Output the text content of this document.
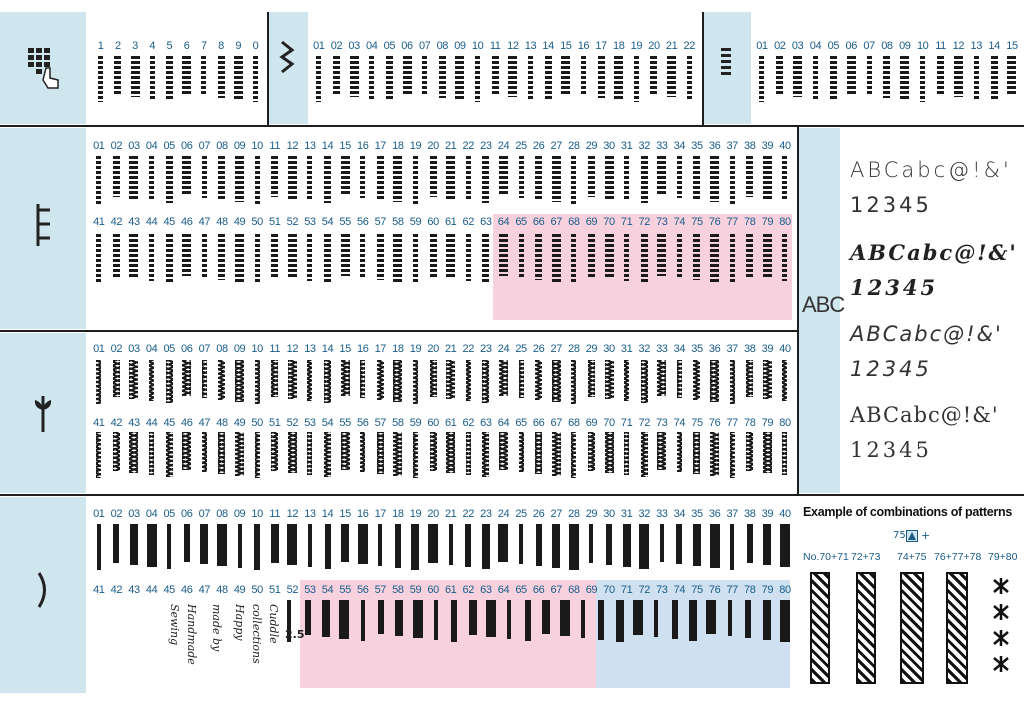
1	2	3	4	5	6	7	8	9	0	01 02 03 04 05 06 07 08 09 10 11 12 13 14 15 16 17 18 19 20 21 22	01 02 03 04 05 06 07 08 09 10 11 12 13 14 15
01 02 03 04 05 06 07 08 09 10 11 12 13 14 15 16 17 18 19 20 21 22 23 24 25 26 27 28 29 30 31 32 33 34 35 36 37 38 39 40
41 42 43 44 45 46 47 48 49 50 51 52 53 54 55 56 57 58 59 60 61 62 63 64 65 66 67 68 69 70 71 72 73 74 75 76 77 78 79 80
01 02 03 04 05 06 07 08 09 10 11 12 13 14 15 16 17 18 19 20 21 22 23 24 25 26 27 28 29 30 31 32 33 34 35 36 37 38 39 40
41 42 43 44 45 46 47 48 49 50 51 52 53 54 55 56 57 58 59 60 61 62 63 64 65 66 67 68 69 70 71 72 73 74 75 76 77 78 79 80
01 02 03 04 05 06 07 08 09 10 11 12 13 14 15 16 17 18 19 20 21 22 23 24 25 26 27 28 29 30 31 32 33 34 35 36 37 38 39 40
41 42 43 44 45 46 47 48 49 50 51 52 53 54 55 56 57 58 59 60 61 62 63 64 65 66 67 68 69 70 71 72 73 74 75 76 77 78 79 80
Sewing Handmade made by Happy collections Cuddle 2.5
ABC
ABCabc@!&'
12345
ABCabc@!&'
12345
ABCabc@!&'
12345
ABCabc@!&'
12345
Example of combinations of patterns
75 +
No.70+71 72+73 74+75 76+77+78 79+80
